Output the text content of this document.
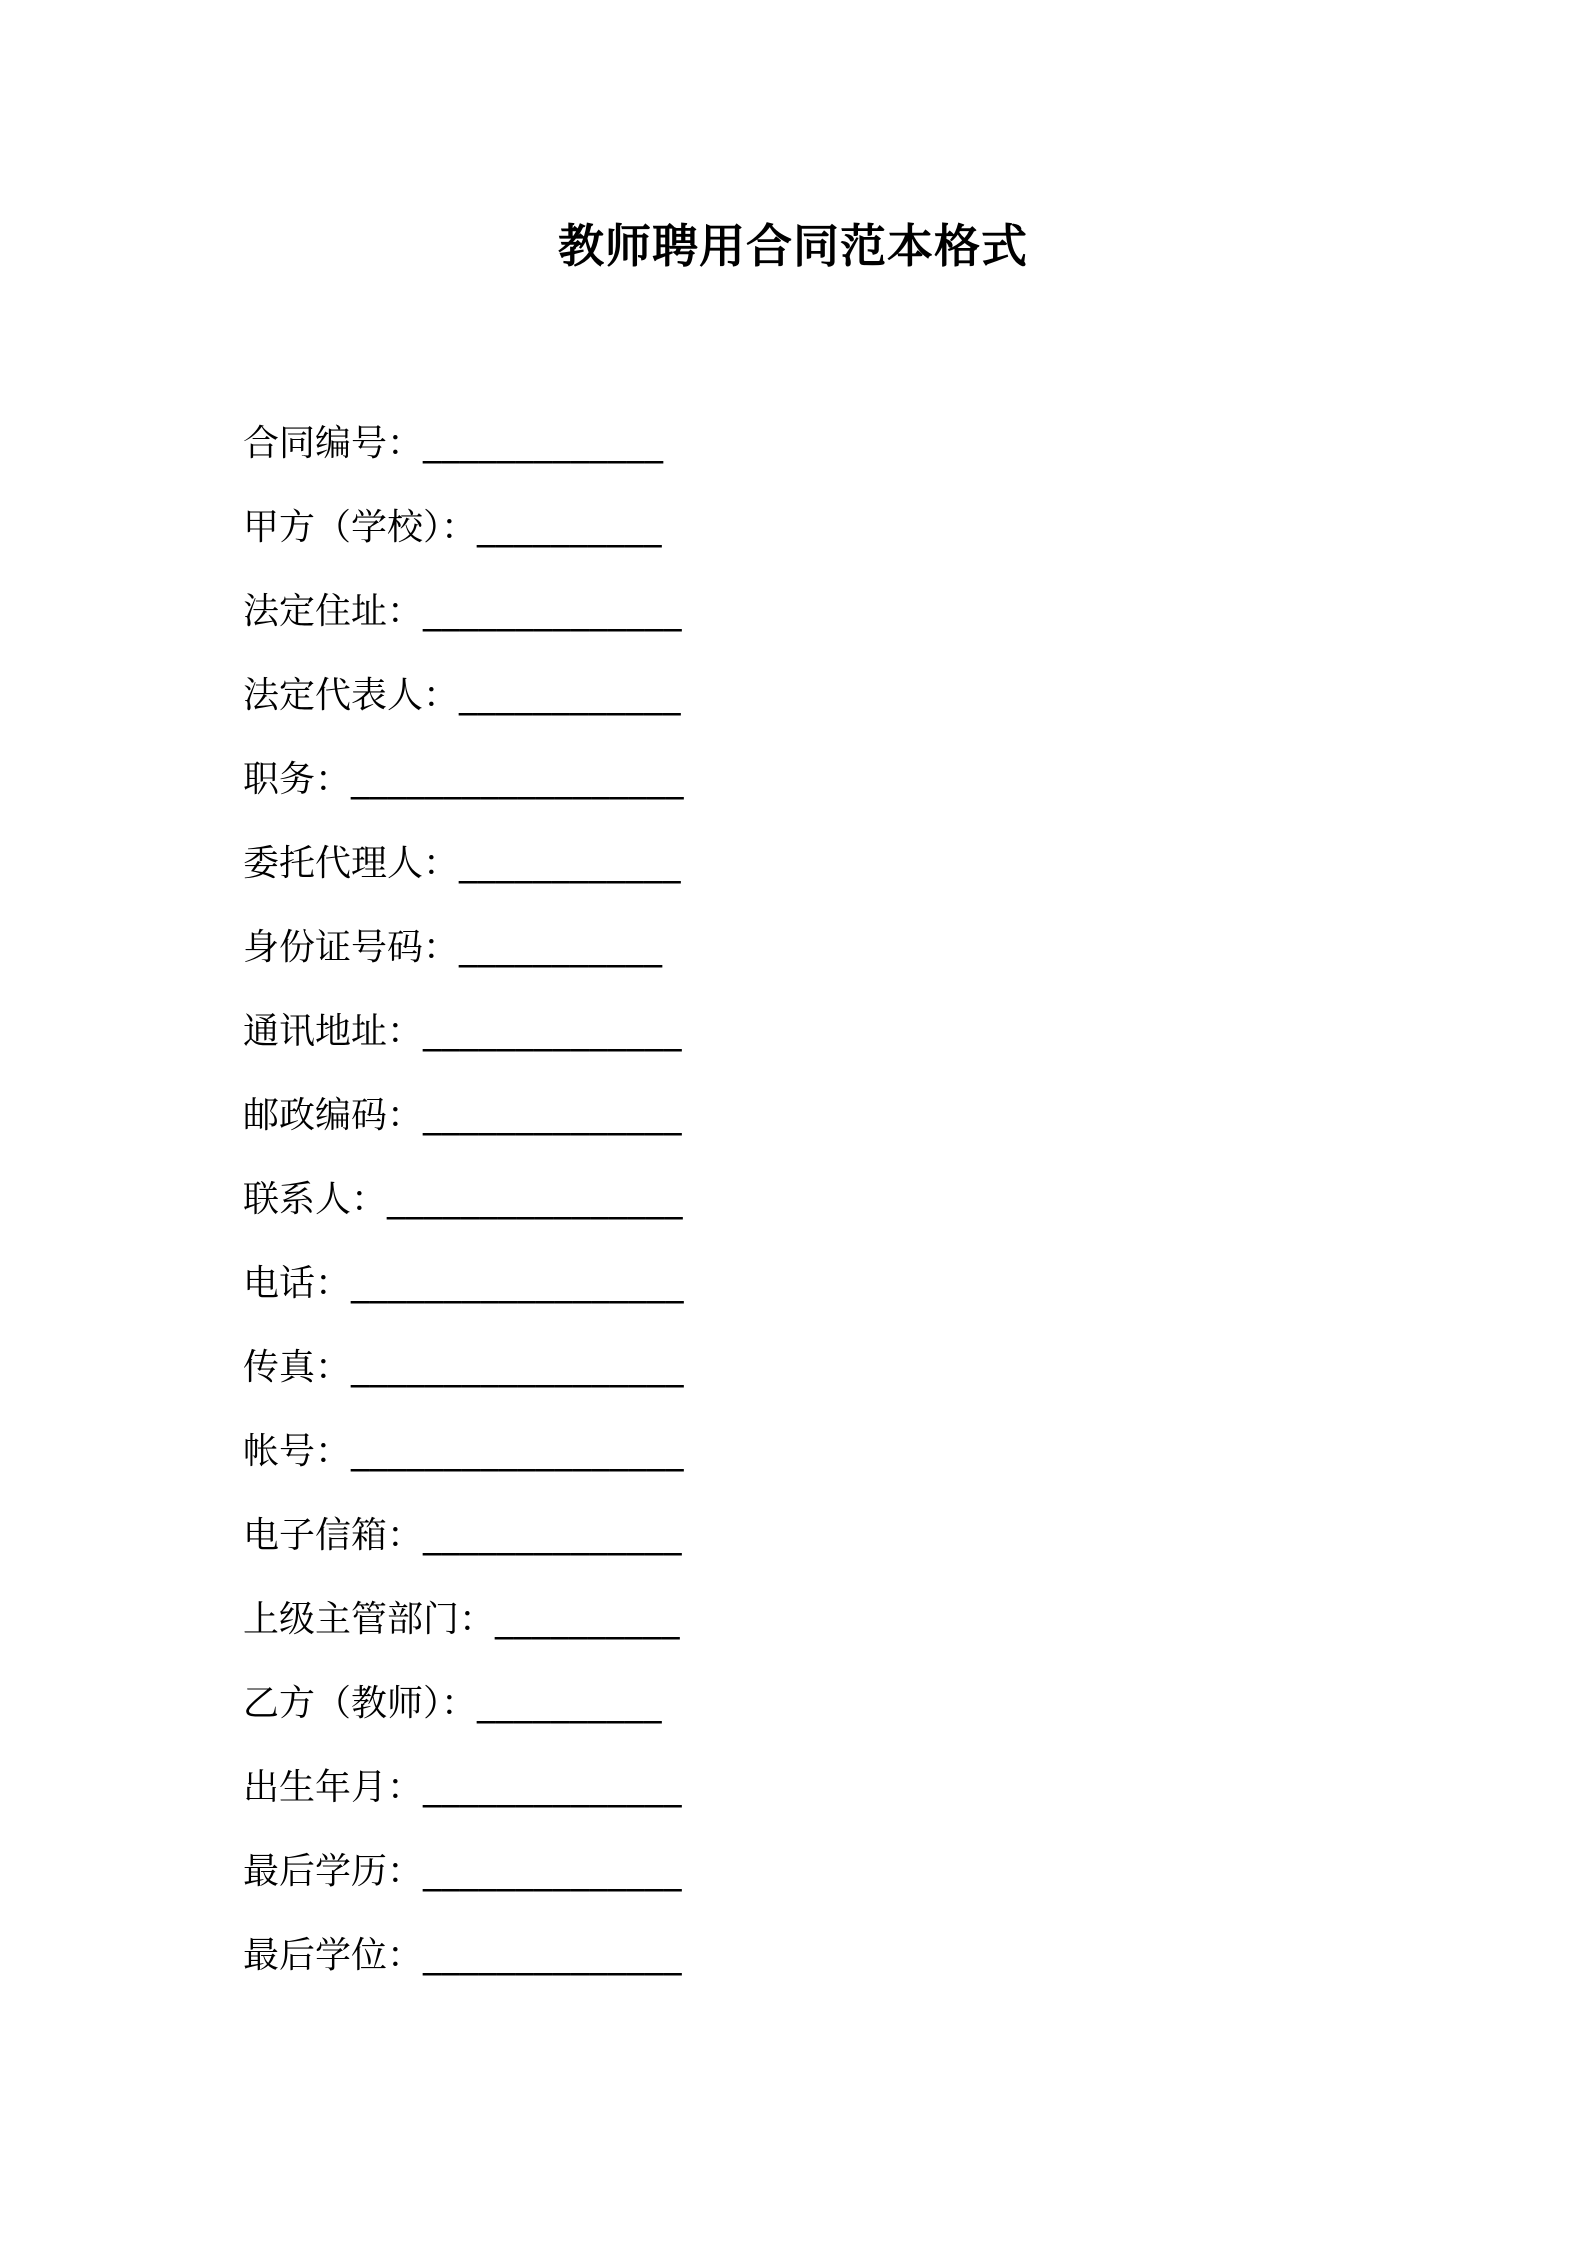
教师聘用合同范本格式
合同编号： _____________
甲方（学校）： __________
法定住址： ______________
法定代表人： ____________
职务： __________________
委托代理人： ____________
身份证号码： ___________
通讯地址： ______________
邮政编码： ______________
联系人： ________________
电话： __________________
传真： __________________
帐号： __________________
电子信箱： ______________
上级主管部门： __________
乙方（教师）： __________
出生年月： ______________
最后学历： ______________
最后学位： ______________
